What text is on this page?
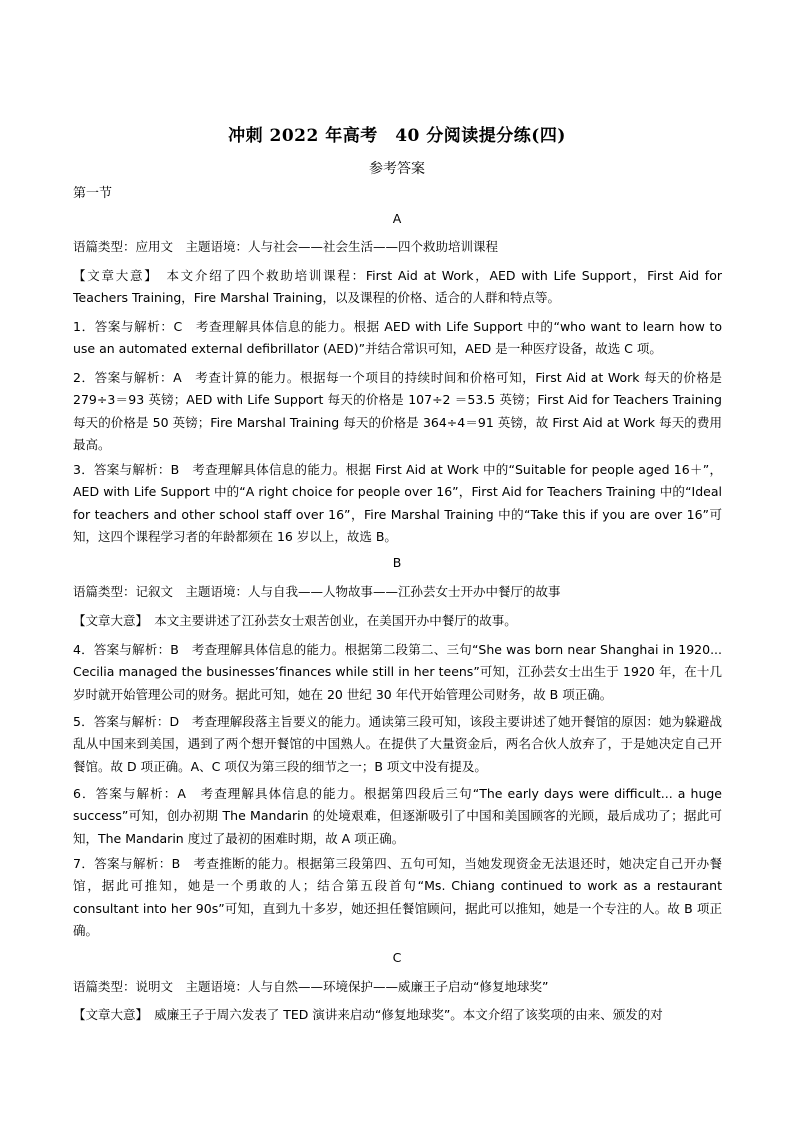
冲刺 2022 年高考　40 分阅读提分练(四)
参考答案
第一节
A
语篇类型：应用文　主题语境：人与社会——社会生活——四个救助培训课程
【文章大意】　本文介绍了四个救助培训课程：First Aid at Work，AED with Life Support，First Aid for Teachers Training，Fire Marshal Training，以及课程的价格、适合的人群和特点等。
1．答案与解析：C　考查理解具体信息的能力。根据 AED with Life Support 中的“who want to learn how to use an automated external defibrillator (AED)”并结合常识可知，AED 是一种医疗设备，故选 C 项。
2．答案与解析：A　考查计算的能力。根据每一个项目的持续时间和价格可知，First Aid at Work 每天的价格是 279÷3＝93 英镑；AED with Life Support 每天的价格是 107÷2 ＝53.5 英镑；First Aid for Teachers Training 每天的价格是 50 英镑；Fire Marshal Training 每天的价格是 364÷4＝91 英镑，故 First Aid at Work 每天的费用最高。
3．答案与解析：B　考查理解具体信息的能力。根据 First Aid at Work 中的“Suitable for people aged 16＋”，AED with Life Support 中的“A right choice for people over 16”，First Aid for Teachers Training 中的“Ideal for teachers and other school staff over 16”，Fire Marshal Training 中的“Take this if you are over 16”可知，这四个课程学习者的年龄都须在 16 岁以上，故选 B。
B
语篇类型：记叙文　主题语境：人与自我——人物故事——江孙芸女士开办中餐厅的故事
【文章大意】　本文主要讲述了江孙芸女士艰苦创业，在美国开办中餐厅的故事。
4．答案与解析：B　考查理解具体信息的能力。根据第二段第二、三句“She was born near Shanghai in 1920... Cecilia managed the businesses’finances while still in her teens”可知，江孙芸女士出生于 1920 年，在十几岁时就开始管理公司的财务。据此可知，她在 20 世纪 30 年代开始管理公司财务，故 B 项正确。
5．答案与解析：D　考查理解段落主旨要义的能力。通读第三段可知，该段主要讲述了她开餐馆的原因：她为躲避战乱从中国来到美国，遇到了两个想开餐馆的中国熟人。在提供了大量资金后，两名合伙人放弃了，于是她决定自己开餐馆。故 D 项正确。A、C 项仅为第三段的细节之一；B 项文中没有提及。
6．答案与解析：A　考查理解具体信息的能力。根据第四段后三句“The early days were difficult... a huge success”可知，创办初期 The Mandarin 的处境艰难，但逐渐吸引了中国和美国顾客的光顾，最后成功了；据此可知，The Mandarin 度过了最初的困难时期，故 A 项正确。
7．答案与解析：B　考查推断的能力。根据第三段第四、五句可知，当她发现资金无法退还时，她决定自己开办餐馆，据此可推知，她是一个勇敢的人；结合第五段首句“Ms. Chiang continued to work as a restaurant consultant into her 90s”可知，直到九十多岁，她还担任餐馆顾问，据此可以推知，她是一个专注的人。故 B 项正确。
C
语篇类型：说明文　主题语境：人与自然——环境保护——威廉王子启动“修复地球奖”
【文章大意】　威廉王子于周六发表了 TED 演讲来启动“修复地球奖”。本文介绍了该奖项的由来、颁发的对
